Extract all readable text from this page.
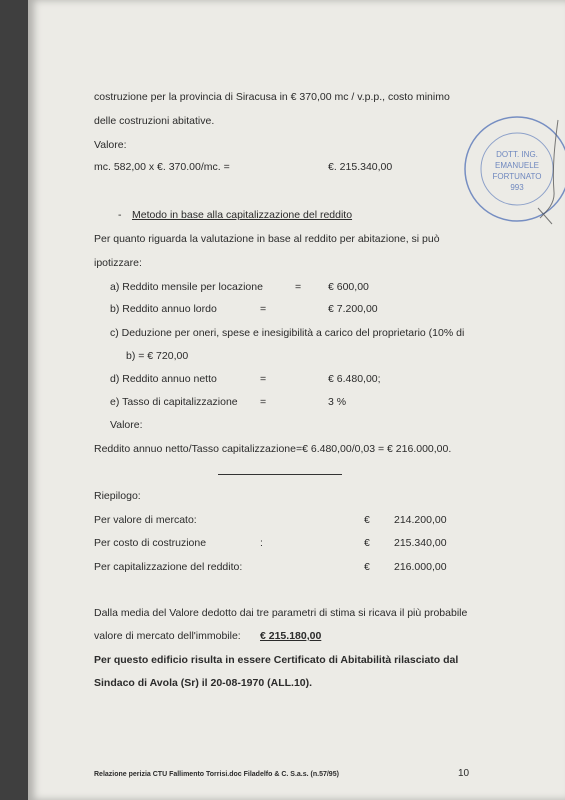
costruzione per la provincia di Siracusa in € 370,00 mc / v.p.p., costo minimo
delle costruzioni abitative.
Valore:
mc. 582,00 x €. 370.00/mc. =	€. 215.340,00
- Metodo in base alla capitalizzazione del reddito
Per quanto riguarda la valutazione in base al reddito per abitazione, si può
ipotizzare:
a) Reddito mensile per locazione	=	€ 600,00
b) Reddito annuo lordo	=	€ 7.200,00
c) Deduzione per oneri, spese e inesigibilità a carico del proprietario (10% di
b) = € 720,00
d) Reddito annuo netto	=	€ 6.480,00;
e) Tasso di capitalizzazione =	3 %
Valore:
Reddito annuo netto/Tasso capitalizzazione=€ 6.480,00/0,03 = € 216.000,00.
Riepilogo:
Per valore di mercato:	€ 214.200,00
Per costo di costruzione	:	€ 215.340,00
Per capitalizzazione del reddito:	€ 216.000,00
Dalla media del Valore dedotto dai tre parametri di stima si ricava il più probabile
valore di mercato dell'immobile: € 215.180,00
Per questo edificio risulta in essere Certificato di Abitabilità rilasciato dal
Sindaco di Avola (Sr) il 20-08-1970 (ALL.10).
Relazione perizia CTU Fallimento Torrisi.doc Filadelfo & C. S.a.s. (n.57/95)	10
DOTT. ING.
EMANUELE
FORTUNATO
993
